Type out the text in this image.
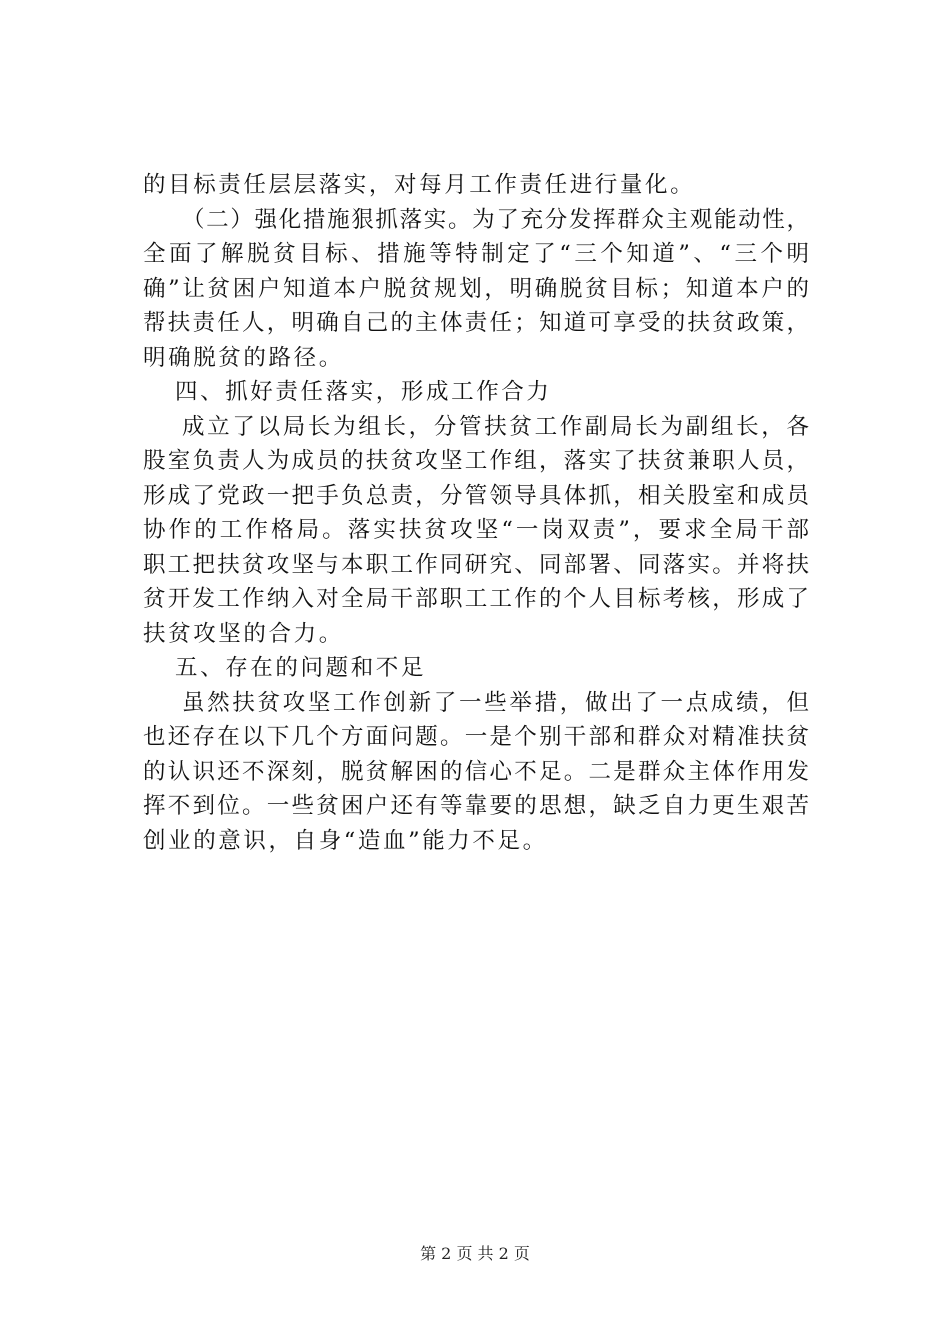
的目标责任层层落实，对每月工作责任进行量化。
（二）强化措施狠抓落实。为了充分发挥群众主观能动性，
全面了解脱贫目标、措施等特制定了“三个知道”、“三个明
确”让贫困户知道本户脱贫规划，明确脱贫目标；知道本户的
帮扶责任人，明确自己的主体责任；知道可享受的扶贫政策，
明确脱贫的路径。
四、抓好责任落实，形成工作合力
成立了以局长为组长，分管扶贫工作副局长为副组长，各
股室负责人为成员的扶贫攻坚工作组，落实了扶贫兼职人员，
形成了党政一把手负总责，分管领导具体抓，相关股室和成员
协作的工作格局。落实扶贫攻坚“一岗双责”，要求全局干部
职工把扶贫攻坚与本职工作同研究、同部署、同落实。并将扶
贫开发工作纳入对全局干部职工工作的个人目标考核，形成了
扶贫攻坚的合力。
五、存在的问题和不足
虽然扶贫攻坚工作创新了一些举措，做出了一点成绩，但
也还存在以下几个方面问题。一是个别干部和群众对精准扶贫
的认识还不深刻，脱贫解困的信心不足。二是群众主体作用发
挥不到位。一些贫困户还有等靠要的思想，缺乏自力更生艰苦
创业的意识，自身“造血”能力不足。
第 2 页 共 2 页
